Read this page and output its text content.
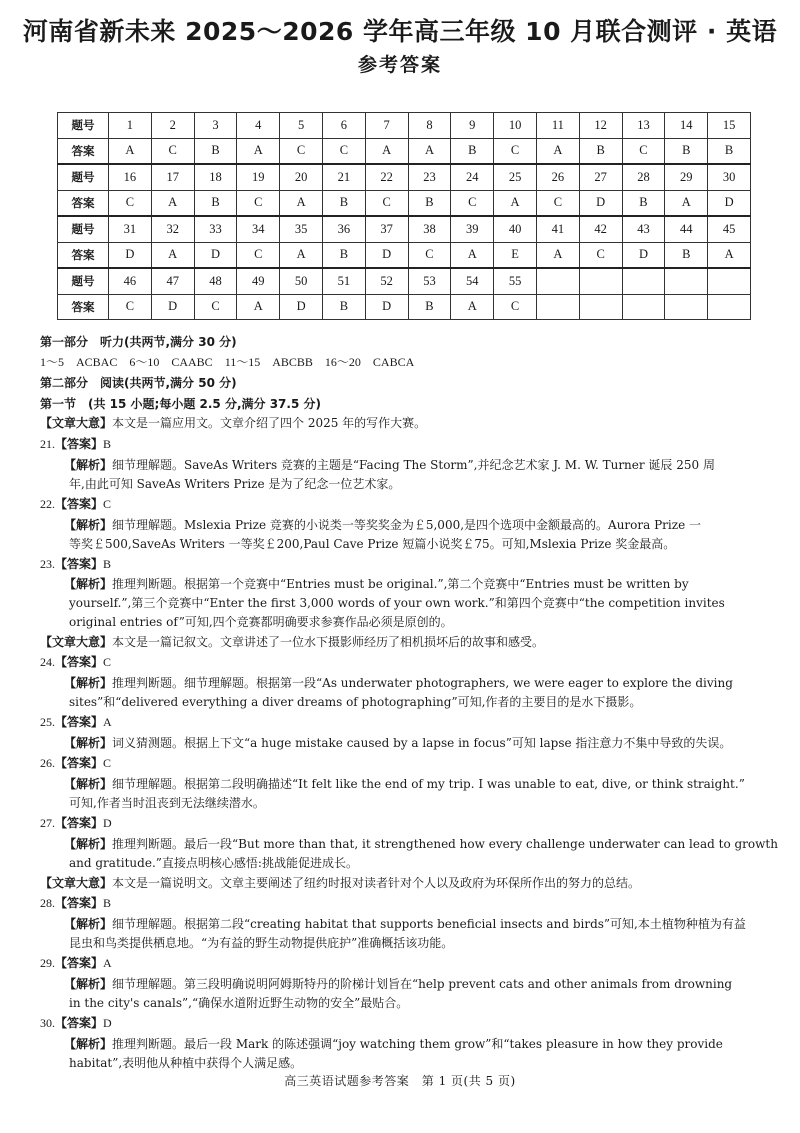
河南省新未来 2025～2026 学年高三年级 10 月联合测评 · 英语
参考答案
题号	1	2	3	4	5	6	7	8	9	10	11	12	13	14	15
答案	A	C	B	A	C	C	A	A	B	C	A	B	C	B	B
题号	16	17	18	19	20	21	22	23	24	25	26	27	28	29	30
答案	C	A	B	C	A	B	C	B	C	A	C	D	B	A	D
题号	31	32	33	34	35	36	37	38	39	40	41	42	43	44	45
答案	D	A	D	C	A	B	D	C	A	E	A	C	D	B	A
题号	46	47	48	49	50	51	52	53	54	55					
答案	C	D	C	A	D	B	D	B	A	C					
第一部分　听力(共两节,满分 30 分)
1～5　ACBAC　6～10　CAABC　11～15　ABCBB　16～20　CABCA
第二部分　阅读(共两节,满分 50 分)
第一节　(共 15 小题;每小题 2.5 分,满分 37.5 分)
【文章大意】本文是一篇应用文。文章介绍了四个 2025 年的写作大赛。
21.【答案】B
【解析】细节理解题。SaveAs Writers 竞赛的主题是“Facing The Storm”,并纪念艺术家 J. M. W. Turner 诞辰 250 周
年,由此可知 SaveAs Writers Prize 是为了纪念一位艺术家。
22.【答案】C
【解析】细节理解题。Mslexia Prize 竞赛的小说类一等奖奖金为￡5,000,是四个选项中金额最高的。Aurora Prize 一
等奖￡500,SaveAs Writers 一等奖￡200,Paul Cave Prize 短篇小说奖￡75。可知,Mslexia Prize 奖金最高。
23.【答案】B
【解析】推理判断题。根据第一个竞赛中“Entries must be original.”,第二个竞赛中“Entries must be written by
yourself.”,第三个竞赛中“Enter the first 3,000 words of your own work.”和第四个竞赛中“the competition invites
original entries of”可知,四个竞赛都明确要求参赛作品必须是原创的。
【文章大意】本文是一篇记叙文。文章讲述了一位水下摄影师经历了相机损坏后的故事和感受。
24.【答案】C
【解析】推理判断题。细节理解题。根据第一段“As underwater photographers, we were eager to explore the diving
sites”和“delivered everything a diver dreams of photographing”可知,作者的主要目的是水下摄影。
25.【答案】A
【解析】词义猜测题。根据上下文“a huge mistake caused by a lapse in focus”可知 lapse 指注意力不集中导致的失误。
26.【答案】C
【解析】细节理解题。根据第二段明确描述“It felt like the end of my trip. I was unable to eat, dive, or think straight.”
可知,作者当时沮丧到无法继续潜水。
27.【答案】D
【解析】推理判断题。最后一段“But more than that, it strengthened how every challenge underwater can lead to growth
and gratitude.”直接点明核心感悟:挑战能促进成长。
【文章大意】本文是一篇说明文。文章主要阐述了纽约时报对读者针对个人以及政府为环保所作出的努力的总结。
28.【答案】B
【解析】细节理解题。根据第二段“creating habitat that supports beneficial insects and birds”可知,本土植物种植为有益
昆虫和鸟类提供栖息地。“为有益的野生动物提供庇护”准确概括该功能。
29.【答案】A
【解析】细节理解题。第三段明确说明阿姆斯特丹的阶梯计划旨在“help prevent cats and other animals from drowning
in the city's canals”,“确保水道附近野生动物的安全”最贴合。
30.【答案】D
【解析】推理判断题。最后一段 Mark 的陈述强调“joy watching them grow”和“takes pleasure in how they provide
habitat”,表明他从种植中获得个人满足感。
高三英语试题参考答案　第 1 页(共 5 页)
